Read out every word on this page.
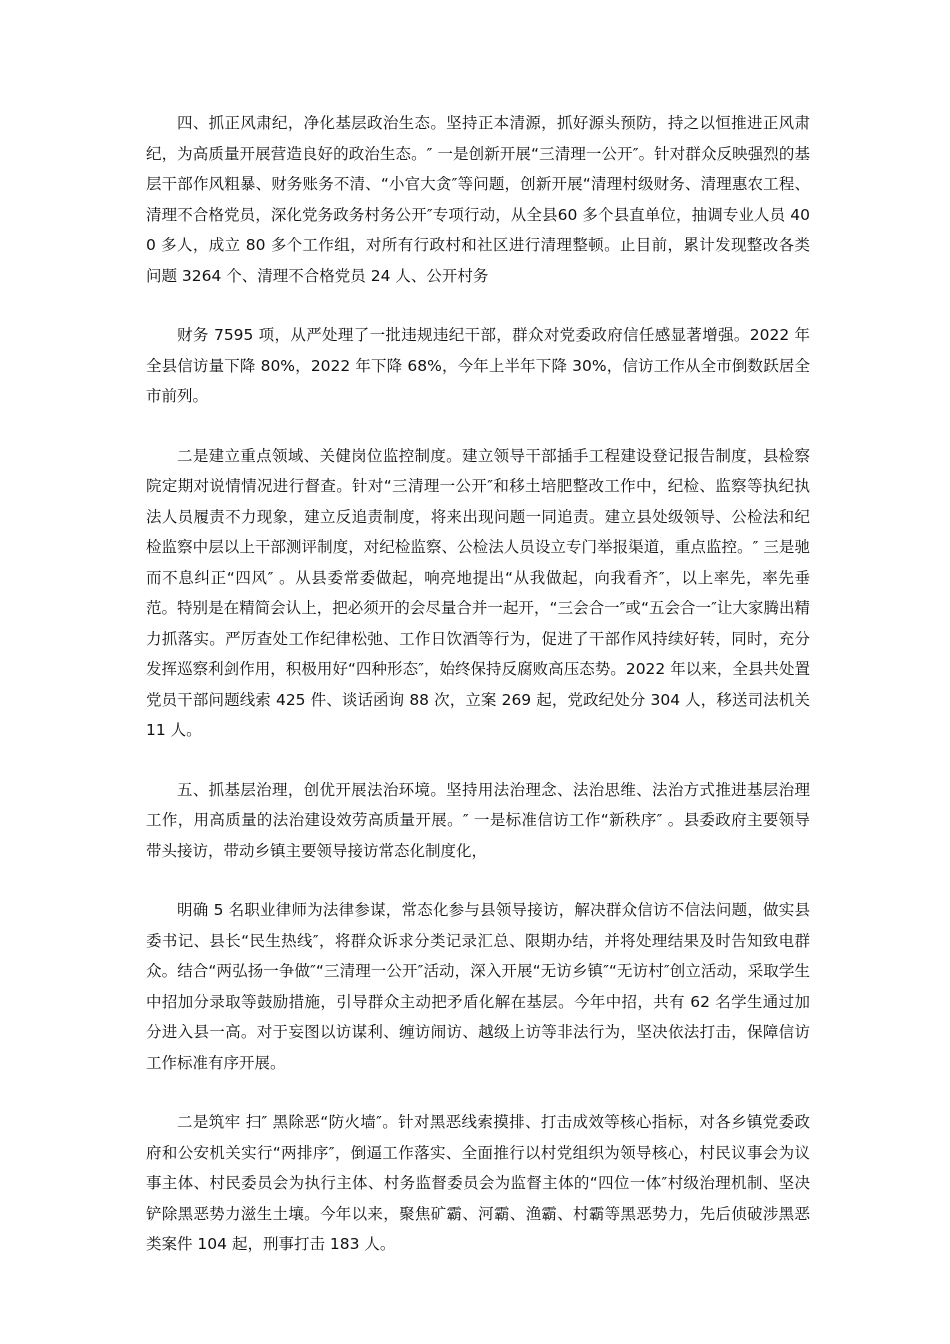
四、抓正风肃纪，净化基层政治生态。坚持正本清源，抓好源头预防，持之以恒推进正风肃纪，为高质量开展营造良好的政治生态。″ 一是创新开展“三清理一公开″。针对群众反映强烈的基层干部作风粗暴、财务账务不清、“小官大贪″等问题，创新开展“清理村级财务、清理惠农工程、清理不合格党员，深化党务政务村务公开″专项行动，从全县60 多个县直单位，抽调专业人员 400 多人，成立 80 多个工作组，对所有行政村和社区进行清理整顿。止目前，累计发现整改各类问题 3264 个、清理不合格党员 24 人、公开村务

财务 7595 项，从严处理了一批违规违纪干部，群众对党委政府信任感显著增强。2022 年全县信访量下降 80%，2022 年下降 68%，今年上半年下降 30%，信访工作从全市倒数跃居全市前列。

二是建立重点领域、关健岗位监控制度。建立领导干部插手工程建设登记报告制度，县检察院定期对说情情况进行督查。针对“三清理一公开″和移土培肥整改工作中，纪检、监察等执纪执法人员履责不力现象，建立反追责制度，将来出现问题一同追责。建立县处级领导、公检法和纪检监察中层以上干部测评制度，对纪检监察、公检法人员设立专门举报渠道，重点监控。″ 三是驰而不息纠正“四风″ 。从县委常委做起，响亮地提出“从我做起，向我看齐″，以上率先，率先垂范。特别是在精简会认上，把必须开的会尽量合并一起开，“三会合一″或“五会合一″让大家腾出精力抓落实。严厉查处工作纪律松弛、工作日饮酒等行为，促进了干部作风持续好转，同时，充分发挥巡察利剑作用，积极用好“四种形态″，始终保持反腐败高压态势。2022 年以来，全县共处置党员干部问题线索 425 件、谈话函询 88 次，立案 269 起，党政纪处分 304 人，移送司法机关 11 人。

五、抓基层治理，创优开展法治环境。坚持用法治理念、法治思维、法治方式推进基层治理工作，用高质量的法治建设效劳高质量开展。″ 一是标准信访工作“新秩序″ 。县委政府主要领导带头接访，带动乡镇主要领导接访常态化制度化，

明确 5 名职业律师为法律参谋，常态化参与县领导接访，解决群众信访不信法问题，做实县委书记、县长“民生热线″，将群众诉求分类记录汇总、限期办结，并将处理结果及时告知致电群众。结合“两弘扬一争做″“三清理一公开″活动，深入开展“无访乡镇″“无访村″创立活动，采取学生中招加分录取等鼓励措施，引导群众主动把矛盾化解在基层。今年中招，共有 62 名学生通过加分进入县一高。对于妄图以访谋利、缠访闹访、越级上访等非法行为，坚决依法打击，保障信访工作标准有序开展。

二是筑牢 扫″ 黑除恶“防火墙″。针对黑恶线索摸排、打击成效等核心指标，对各乡镇党委政府和公安机关实行“两排序″，倒逼工作落实、全面推行以村党组织为领导核心，村民议事会为议事主体、村民委员会为执行主体、村务监督委员会为监督主体的“四位一体″村级治理机制、坚决铲除黑恶势力滋生土壤。今年以来，聚焦矿霸、河霸、渔霸、村霸等黑恶势力，先后侦破涉黑恶类案件 104 起，刑事打击 183 人。
